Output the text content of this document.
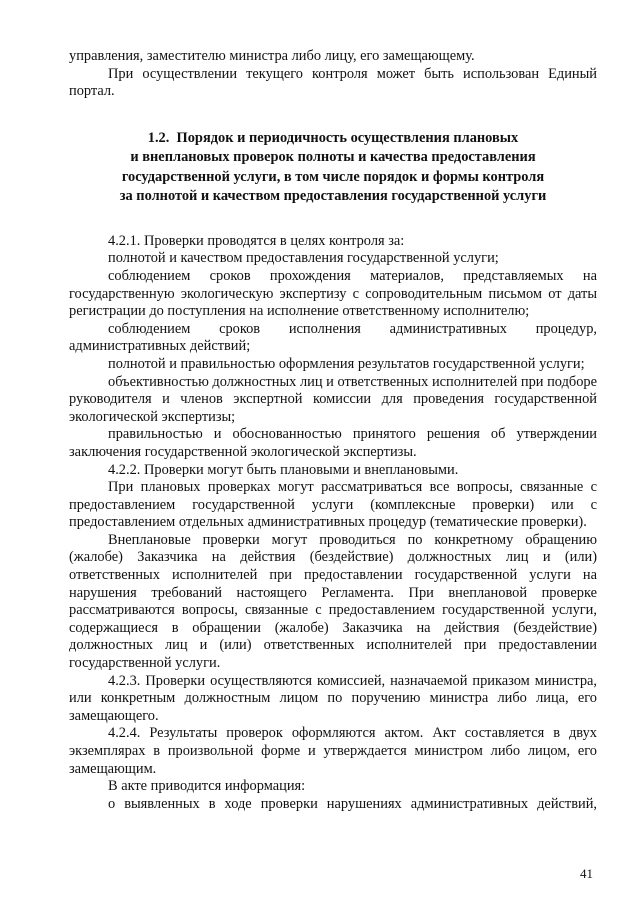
управления, заместителю министра либо лицу, его замещающему.

При осуществлении текущего контроля может быть использован Единый портал.

1.2.  Порядок и периодичность осуществления плановых
и внеплановых проверок полноты и качества предоставления
государственной услуги, в том числе порядок и формы контроля
за полнотой и качеством предоставления государственной услуги

4.2.1. Проверки проводятся в целях контроля за:

полнотой и качеством предоставления государственной услуги;

соблюдением сроков прохождения материалов, представляемых на государственную экологическую экспертизу с сопроводительным письмом от даты регистрации до поступления на исполнение ответственному исполнителю;

соблюдением сроков исполнения административных процедур, административных действий;

полнотой и правильностью оформления результатов государственной услуги;

объективностью должностных лиц и ответственных исполнителей при подборе руководителя и членов экспертной комиссии для проведения государственной экологической экспертизы;

правильностью и обоснованностью принятого решения об утверждении заключения государственной экологической экспертизы.

4.2.2. Проверки могут быть плановыми и внеплановыми.

При плановых проверках могут рассматриваться все вопросы, связанные с предоставлением государственной услуги (комплексные проверки) или с предоставлением отдельных административных процедур (тематические проверки).

Внеплановые проверки могут проводиться по конкретному обращению (жалобе) Заказчика на действия (бездействие) должностных лиц и (или) ответственных исполнителей при предоставлении государственной услуги на нарушения требований настоящего Регламента. При внеплановой проверке рассматриваются вопросы, связанные с предоставлением государственной услуги, содержащиеся в обращении (жалобе) Заказчика на действия (бездействие) должностных лиц и (или) ответственных исполнителей при предоставлении государственной услуги.

4.2.3. Проверки осуществляются комиссией, назначаемой приказом министра, или конкретным должностным лицом по поручению министра либо лица, его замещающего.

4.2.4. Результаты проверок оформляются актом. Акт составляется в двух экземплярах в произвольной форме и утверждается министром либо лицом, его замещающим.

В акте приводится информация:

о выявленных в ходе проверки нарушениях административных действий,

41
